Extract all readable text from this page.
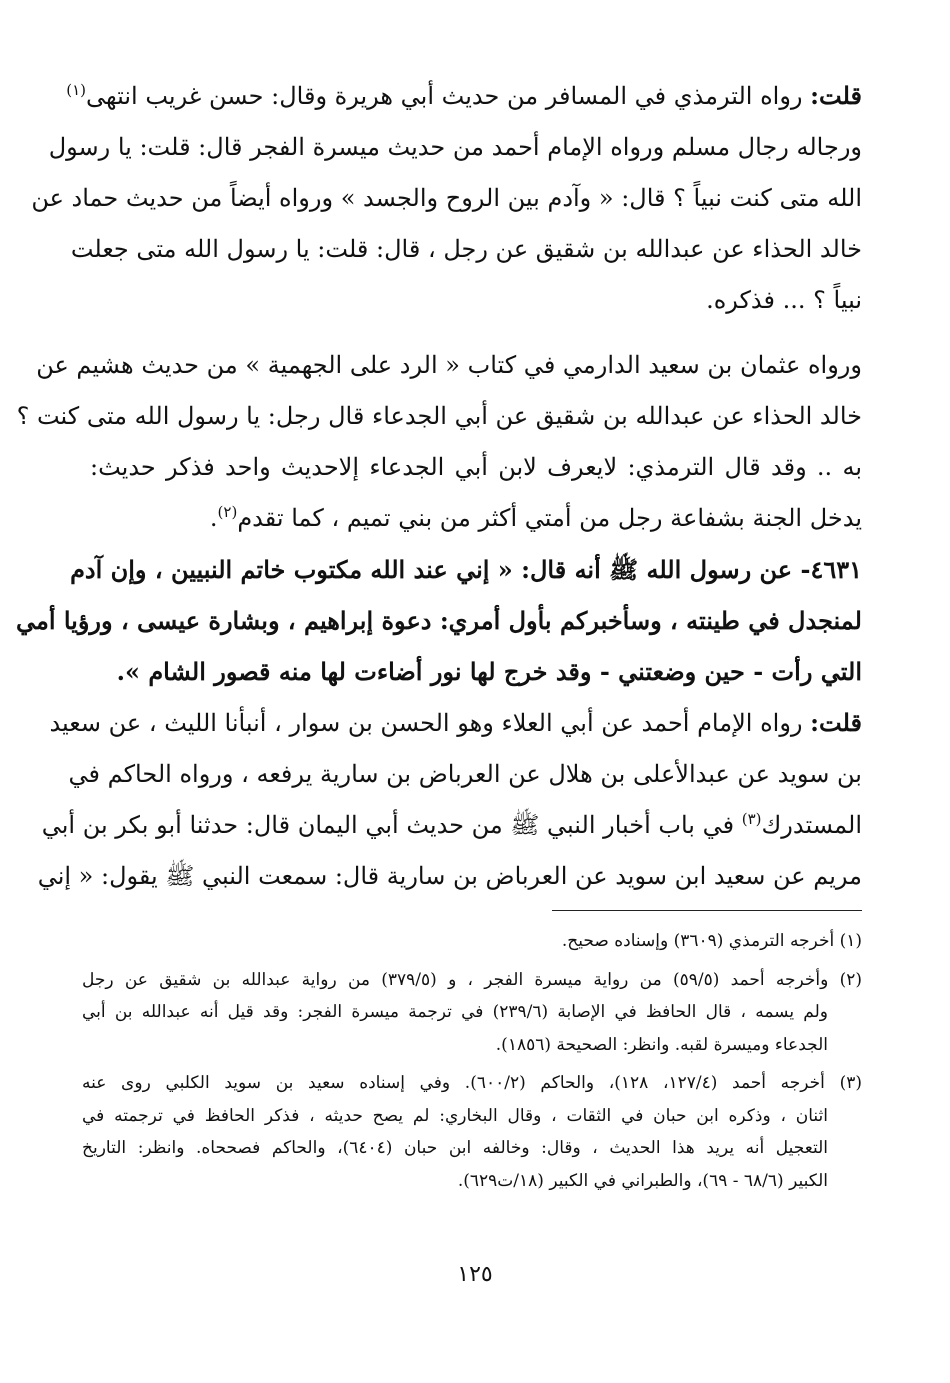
قلت: رواه الترمذي في المسافر من حديث أبي هريرة وقال: حسن غريب انتهى$^{(١)}$
ورجاله رجال مسلم ورواه الإمام أحمد من حديث ميسرة الفجر قال: قلت: يا رسول
الله متى كنت نبياً ؟ قال: « وآدم بين الروح والجسد » ورواه أيضاً من حديث حماد عن
خالد الحذاء عن عبدالله بن شقيق عن رجل ، قال: قلت: يا رسول الله متى جعلت
نبياً ؟ ... فذكره.
ورواه عثمان بن سعيد الدارمي في كتاب « الرد على الجهمية » من حديث هشيم عن
خالد الحذاء عن عبدالله بن شقيق عن أبي الجدعاء قال رجل: يا رسول الله متى كنت ؟
به .. وقد قال الترمذي: لايعرف لابن أبي الجدعاء إلاحديث واحد فذكر حديث:
يدخل الجنة بشفاعة رجل من أمتي أكثر من بني تميم ، كما تقدم$^{(٢)}$.
٤٦٣١- عن رسول الله ﷺ أنه قال: « إني عند الله مكتوب خاتم النبيين ، وإن آدم
لمنجدل في طينته ، وسأخبركم بأول أمري: دعوة إبراهيم ، وبشارة عيسى ، ورؤيا أمي
التي رأت - حين وضعتني - وقد خرج لها نور أضاءت لها منه قصور الشام ».
قلت: رواه الإمام أحمد عن أبي العلاء وهو الحسن بن سوار ، أنبأنا الليث ، عن سعيد
بن سويد عن عبدالأعلى بن هلال عن العرباض بن سارية يرفعه ، ورواه الحاكم في
المستدرك$^{(٣)}$ في باب أخبار النبي ﷺ من حديث أبي اليمان قال: حدثنا أبو بكر بن أبي
مريم عن سعيد ابن سويد عن العرباض بن سارية قال: سمعت النبي ﷺ يقول: « إني
(١) أخرجه الترمذي (٣٦٠٩) وإسناده صحيح.
(٢) وأخرجه أحمد (٥٩/٥) من رواية ميسرة الفجر ، و (٣٧٩/٥) من رواية عبدالله بن شقيق عن رجل
ولم يسمه ، قال الحافظ في الإصابة (٢٣٩/٦) في ترجمة ميسرة الفجر: وقد قيل أنه عبدالله بن أبي
الجدعاء وميسرة لقبه. وانظر: الصحيحة (١٨٥٦).
(٣) أخرجه أحمد (١٢٧/٤، ١٢٨)، والحاكم (٦٠٠/٢). وفي إسناده سعيد بن سويد الكلبي روى عنه
اثنان ، وذكره ابن حبان في الثقات ، وقال البخاري: لم يصح حديثه ، فذكر الحافظ في ترجمته في
التعجيل أنه يريد هذا الحديث ، وقال: وخالفه ابن حبان (٦٤٠٤)، والحاكم فصححاه. وانظر: التاريخ
الكبير (٦٨/٦ - ٦٩)، والطبراني في الكبير (١٨/ت٦٢٩).
١٢٥
